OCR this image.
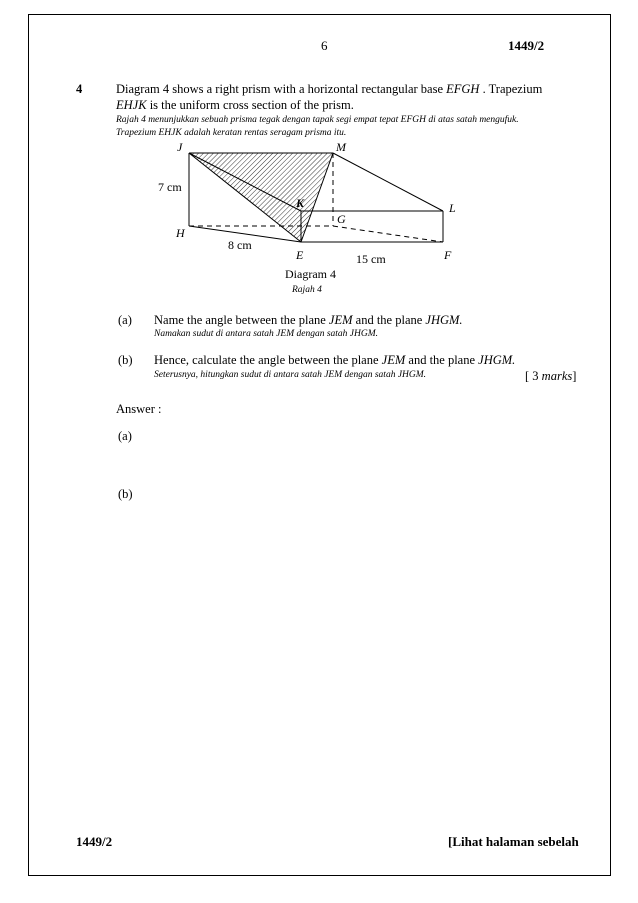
6	1449/2
4	Diagram 4 shows a right prism with a horizontal rectangular base EFGH . Trapezium
EHJK is the uniform cross section of the prism.
Rajah 4 menunjukkan sebuah prisma tegak dengan tapak segi empat tepat EFGH di atas satah mengufuk.
Trapezium EHJK adalah keratan rentas seragam prisma itu.
J	M
K
G
L
H
E	F
7 cm
8 cm
15 cm
Diagram 4
Rajah 4
(a) Name the angle between the plane JEM and the plane JHGM.
Namakan sudut di antara satah JEM dengan satah JHGM.
(b) Hence, calculate the angle between the plane JEM and the plane JHGM.
Seterusnya, hitungkan sudut di antara satah JEM dengan satah JHGM.	[ 3 marks]
Answer :
(a)
(b)
1449/2	[Lihat halaman sebelah
